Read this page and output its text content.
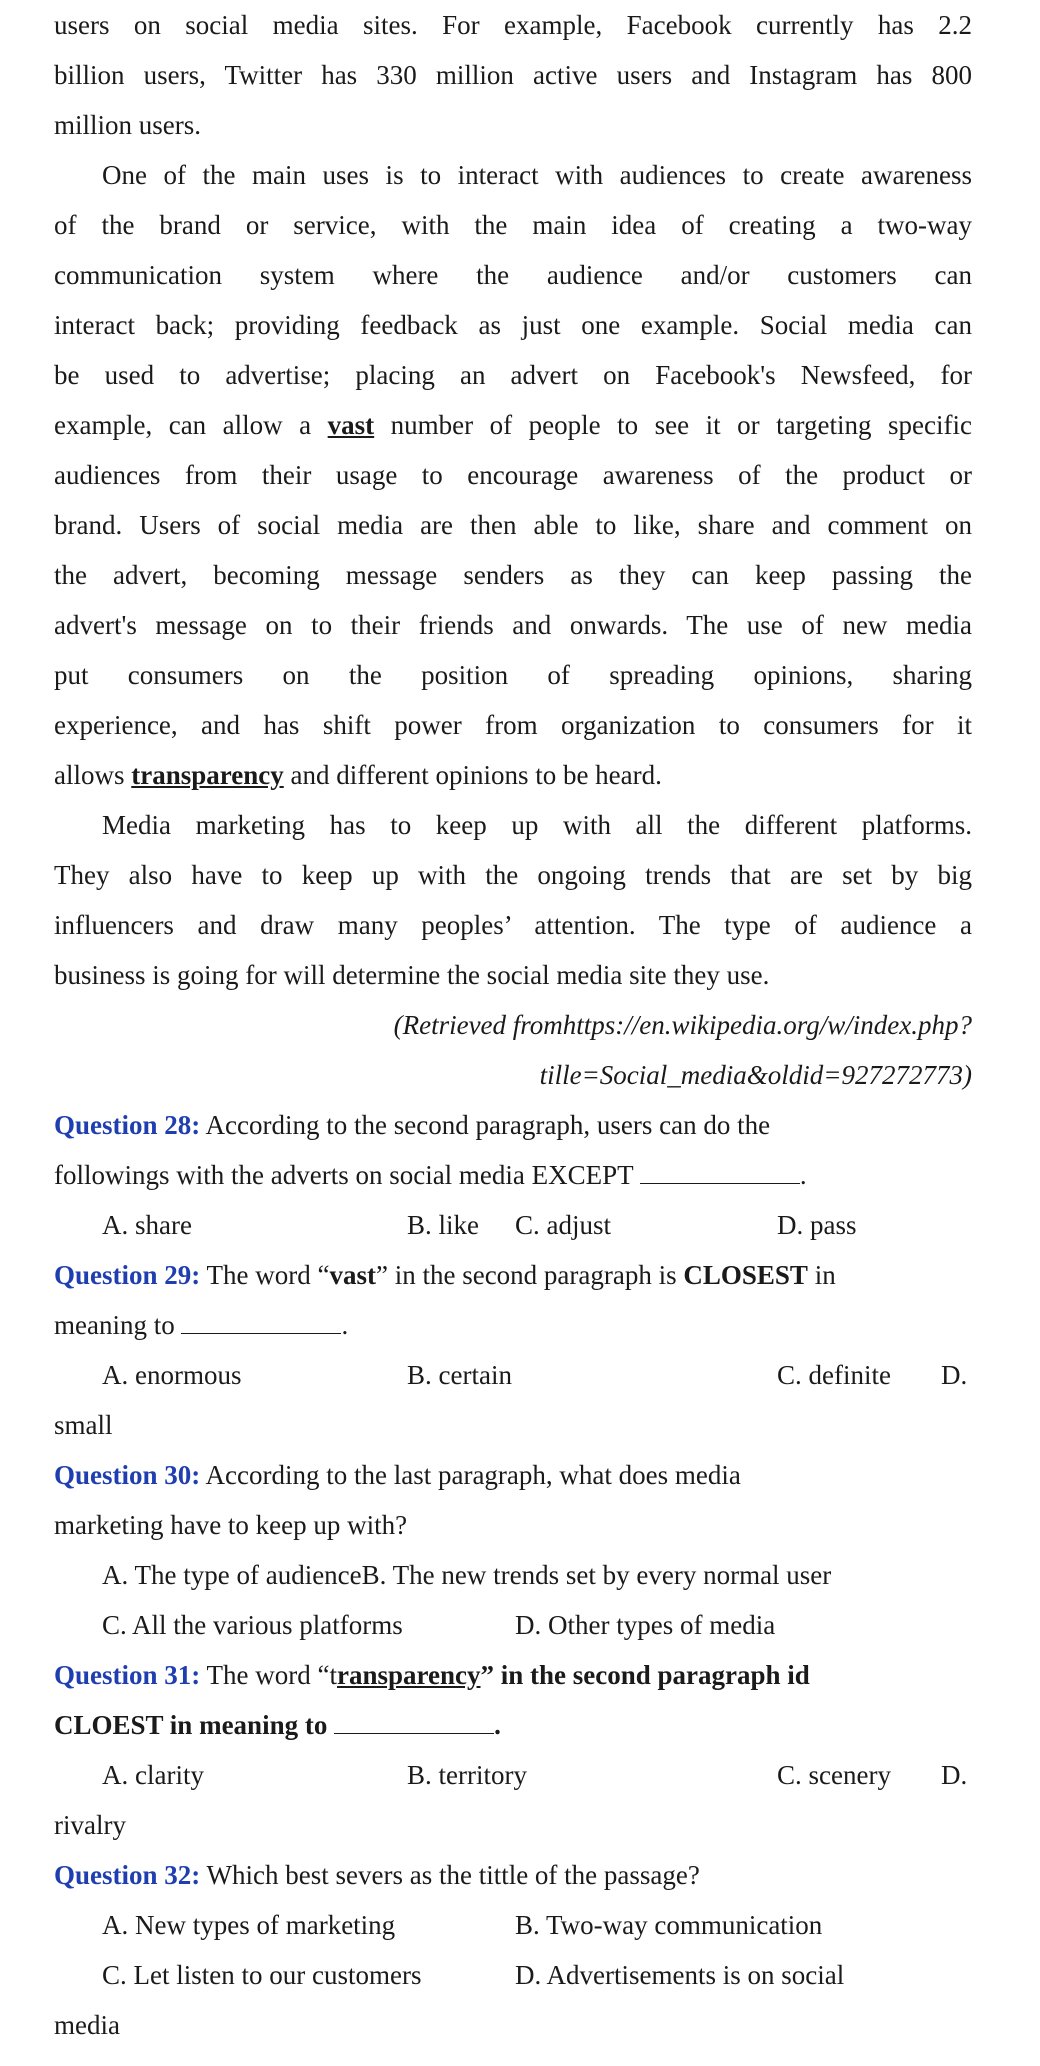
users on social media sites. For example, Facebook currently has 2.2
billion users, Twitter has 330 million active users and Instagram has 800
million users.
One of the main uses is to interact with audiences to create awareness
of the brand or service, with the main idea of creating a two-way
communication system where the audience and/or customers can
interact back; providing feedback as just one example. Social media can
be used to advertise; placing an advert on Facebook's Newsfeed, for
example, can allow a vast number of people to see it or targeting specific
audiences from their usage to encourage awareness of the product or
brand. Users of social media are then able to like, share and comment on
the advert, becoming message senders as they can keep passing the
advert's message on to their friends and onwards. The use of new media
put consumers on the position of spreading opinions, sharing
experience, and has shift power from organization to consumers for it
allows transparency and different opinions to be heard.
Media marketing has to keep up with all the different platforms.
They also have to keep up with the ongoing trends that are set by big
influencers and draw many peoples’ attention. The type of audience a
business is going for will determine the social media site they use.
(Retrieved fromhttps://en.wikipedia.org/w/index.php?
tille=Social_media&oldid=927272773)
Question 28: According to the second paragraph, users can do the
followings with the adverts on social media EXCEPT	.
A. share	B. like C. adjust	D. pass
Question 29: The word “vast” in the second paragraph is CLOSEST in
meaning to	.
A. enormous	B. certain	C. definite D.
small
Question 30: According to the last paragraph, what does media
marketing have to keep up with?
A. The type of audienceB. The new trends set by every normal user
C. All the various platforms	D. Other types of media
Question 31: The word “transparency” in the second paragraph id
CLOEST in meaning to	.
A. clarity	B. territory	C. scenery D.
rivalry
Question 32: Which best severs as the tittle of the passage?
A. New types of marketing	B. Two-way communication
C. Let listen to our customers	D. Advertisements is on social
media
